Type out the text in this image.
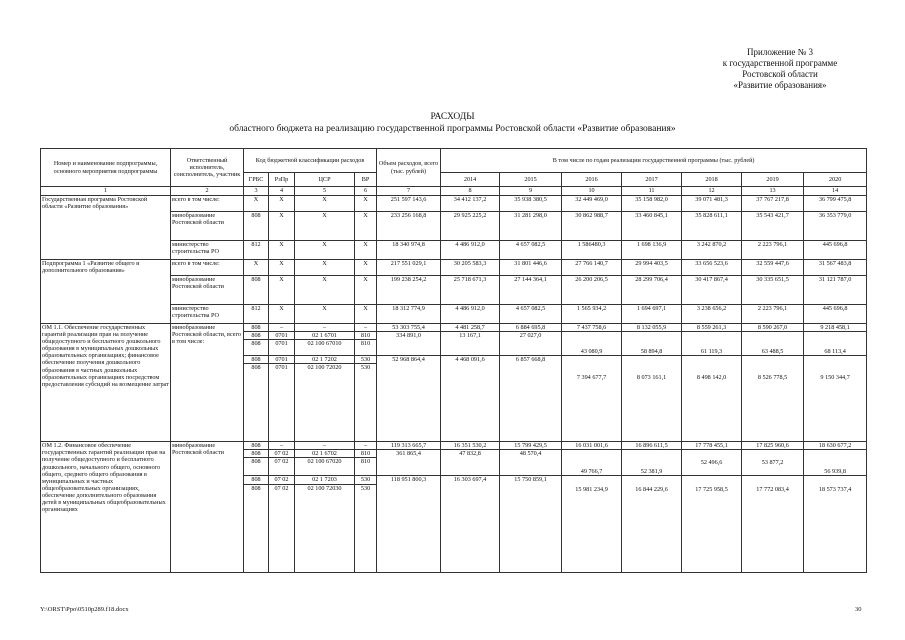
Приложение № 3
к государственной программе
Ростовской области
«Развитие образования»
РАСХОДЫ
областного бюджета на реализацию государственной программы Ростовской области «Развитие образования»
Номер и наименование подпрограммы, основного мероприятия подпрограммы	Ответственный исполнитель, соисполнитель, участник	Код бюджетной классификации расходов				Объем расходов, всего (тыс. рублей)	В том числе по годам реализации государственной программы (тыс. рублей)						
		ГРБС	РзПр	ЦСР	ВР		2014	2015	2016	2017	2018	2019	2020
1	2	3	4	5	6	7	8	9	10	11	12	13	14
Государственная программа Ростовской области «Развитие образования»	всего в том числе:	X	X	X	X	251 597 143,6	34 412 137,2	35 938 380,5	32 449 469,0	35 158 982,0	39 071 481,3	37 767 217,8	36 799 475,8
	минобразование Ростовской области	808	X	X	X	233 256 168,8	29 925 225,2	31 281 298,0	30 862 988,7	33 460 845,1	35 828 611,1	35 543 421,7	36 353 779,0
	министерство строительства РО	812	X	X	X	18 340 974,8	4 486 912,0	4 657 082,5	1 586480,3	1 698 136,9	3 242 870,2	2 223 796,1	445 696,8
Подпрограмма 1 «Развитие общего и дополнительного образования»	всего в том числе:	X	X	X	X	217 551 029,1	30 205 583,3	31 801 446,6	27 766 140,7	29 994 403,5	33 656 523,6	32 559 447,6	31 567 483,8
	минобразование Ростовской области	808	X	X	X	199 238 254,2	25 718 671,3	27 144 364,1	26 200 206,5	28 299 706,4	30 417 867,4	30 335 651,5	31 121 787,0
	министерство строительства РО	812	X	X	X	18 312 774,9	4 486 912,0	4 657 082,5	1 565 934,2	1 694 697,1	3 238 656,2	2 223 796,1	445 696,8
ОМ 1.1. Обеспечение государственных гарантий реализации прав на получение общедоступного и бесплатного дошкольного образования в муниципальных дошкольных образовательных организациях; финансовое обеспечение получения дошкольного образования в частных дошкольных образовательных организациях посредством предоставления субсидий на возмещение затрат	минобразование Ростовской области, всего в том числе:	808	–	–	–	53 303 755,4	4 481 258,7	6 884 695,8	7 437 758,6	8 132 055,9	8 559 261,3	8 590 267,0	9 218 458,1
		808	0701	02 1 6701	810	334 891,0	13 167,1	27 027,0	43 080,9	58 894,8	61 119,3	63 488,5	68 113,4
		808	0701	02 100 67010	810								
		808	0701	02 1 7202	530	52 968 864,4	4 468 091,6	6 857 668,8	7 394 677,7	8 073 161,1	8 498 142,0	8 526 778,5	9 150 344,7
		808	0701	02 100 72020	530								
ОМ 1.2. Финансовое обеспечение государственных гарантий реализации прав на получение общедоступного и бесплатного дошкольного, начального общего, основного общего, среднего общего образования в муниципальных и частных общеобразовательных организациях, обеспечение дополнительного образования детей в муниципальных общеобразовательных организациях	минобразование Ростовской области	808	–	–	–	119 313 665,7	16 351 530,2	15 799 429,5	16 031 001,6	16 896 611,5	17 778 455,1	17 825 960,6	18 630 677,2
		808	07 02	02 1 6702	810	361 865,4	47 832,8	48 570,4	49 766,7	52 381,9	52 496,6	53 877,2	56 939,8
		808	07 02	02 100 67020	810								
		808	07 02	02 1 7203	530	118 951 800,3	16 303 697,4	15 750 859,1	15 981 234,9	16 844 229,6	17 725 958,5	17 772 083,4	18 573 737,4
		808	07 02	02 100 72030	530								
Y:\ORST\Ppo\0510p289.f18.docx	30
